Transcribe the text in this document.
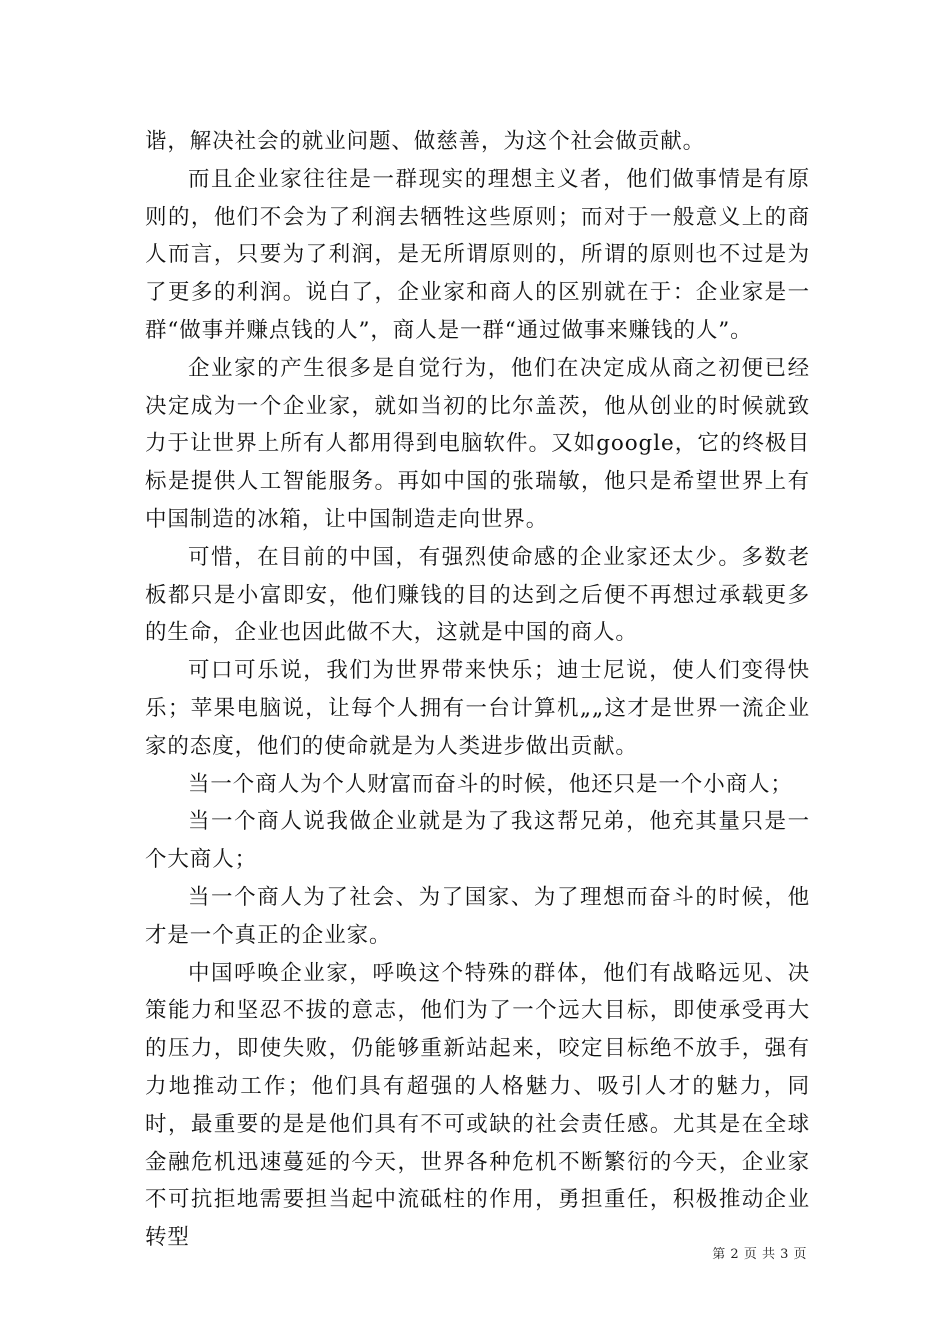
谐，解决社会的就业问题、做慈善，为这个社会做贡献。

而且企业家往往是一群现实的理想主义者，他们做事情是有原则的，他们不会为了利润去牺牲这些原则；而对于一般意义上的商人而言，只要为了利润，是无所谓原则的，所谓的原则也不过是为了更多的利润。说白了，企业家和商人的区别就在于：企业家是一群“做事并赚点钱的人”，商人是一群“通过做事来赚钱的人”。

企业家的产生很多是自觉行为，他们在决定成从商之初便已经决定成为一个企业家，就如当初的比尔盖茨，他从创业的时候就致力于让世界上所有人都用得到电脑软件。又如google，它的终极目标是提供人工智能服务。再如中国的张瑞敏，他只是希望世界上有中国制造的冰箱，让中国制造走向世界。

可惜，在目前的中国，有强烈使命感的企业家还太少。多数老板都只是小富即安，他们赚钱的目的达到之后便不再想过承载更多的生命，企业也因此做不大，这就是中国的商人。

可口可乐说，我们为世界带来快乐；迪士尼说，使人们变得快乐；苹果电脑说，让每个人拥有一台计算机„„这才是世界一流企业家的态度，他们的使命就是为人类进步做出贡献。

当一个商人为个人财富而奋斗的时候，他还只是一个小商人；

当一个商人说我做企业就是为了我这帮兄弟，他充其量只是一个大商人；

当一个商人为了社会、为了国家、为了理想而奋斗的时候，他才是一个真正的企业家。

中国呼唤企业家，呼唤这个特殊的群体，他们有战略远见、决策能力和坚忍不拔的意志，他们为了一个远大目标，即使承受再大的压力，即使失败，仍能够重新站起来，咬定目标绝不放手，强有力地推动工作；他们具有超强的人格魅力、吸引人才的魅力，同时，最重要的是是他们具有不可或缺的社会责任感。尤其是在全球金融危机迅速蔓延的今天，世界各种危机不断繁衍的今天，企业家不可抗拒地需要担当起中流砥柱的作用，勇担重任，积极推动企业转型

第 2 页 共 3 页
